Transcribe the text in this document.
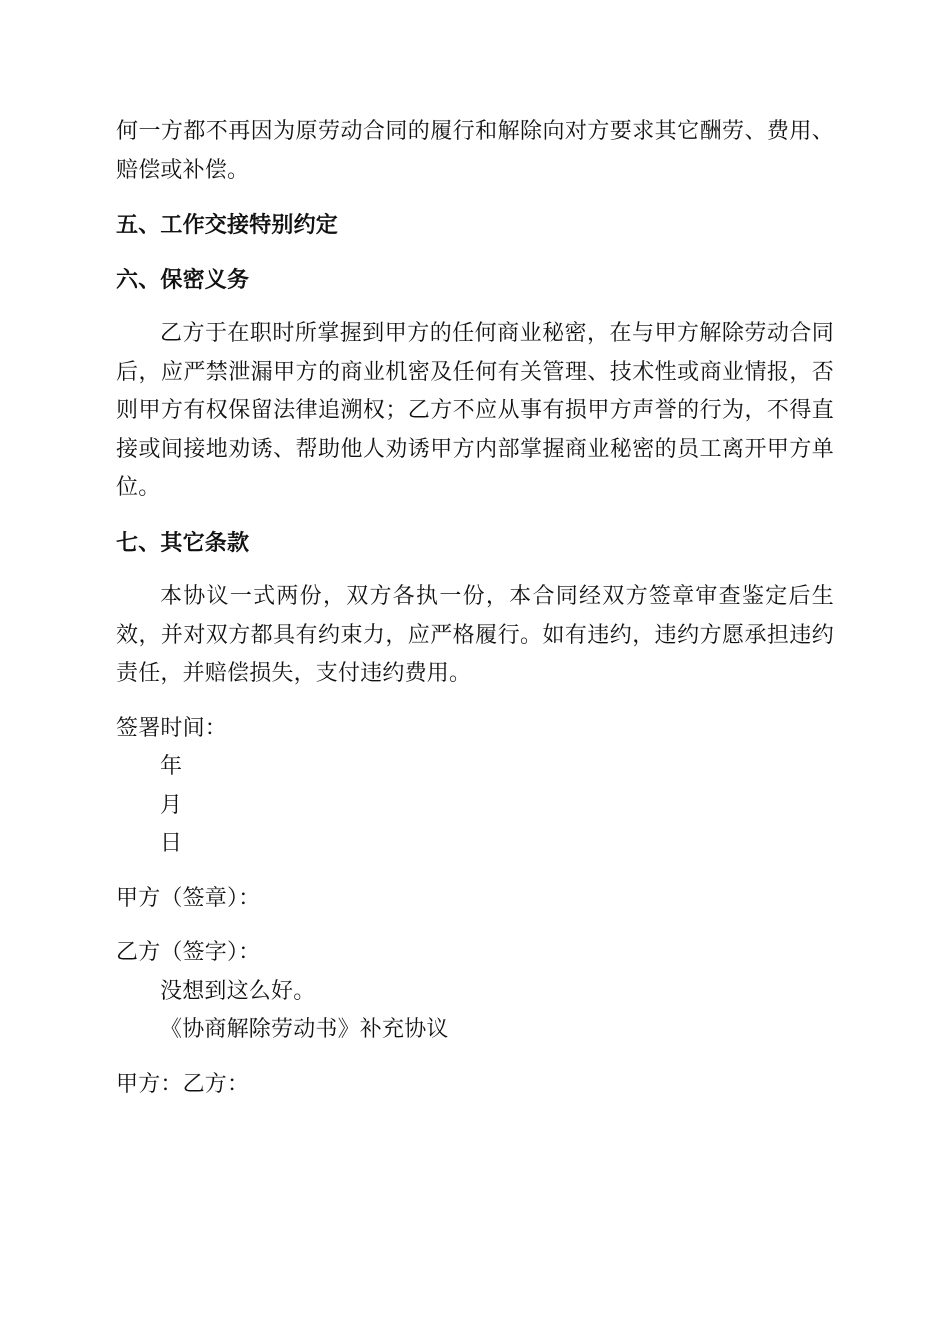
何一方都不再因为原劳动合同的履行和解除向对方要求其它酬劳、费用、赔偿或补偿。

五、工作交接特别约定

六、保密义务

乙方于在职时所掌握到甲方的任何商业秘密，在与甲方解除劳动合同后，应严禁泄漏甲方的商业机密及任何有关管理、技术性或商业情报，否则甲方有权保留法律追溯权；乙方不应从事有损甲方声誉的行为，不得直接或间接地劝诱、帮助他人劝诱甲方内部掌握商业秘密的员工离开甲方单位。

七、其它条款

本协议一式两份，双方各执一份，本合同经双方签章审查鉴定后生效，并对双方都具有约束力，应严格履行。如有违约，违约方愿承担违约责任，并赔偿损失，支付违约费用。

签署时间：

年

月

日

甲方（签章）：

乙方（签字）：

没想到这么好。

《协商解除劳动书》补充协议

甲方：乙方：
